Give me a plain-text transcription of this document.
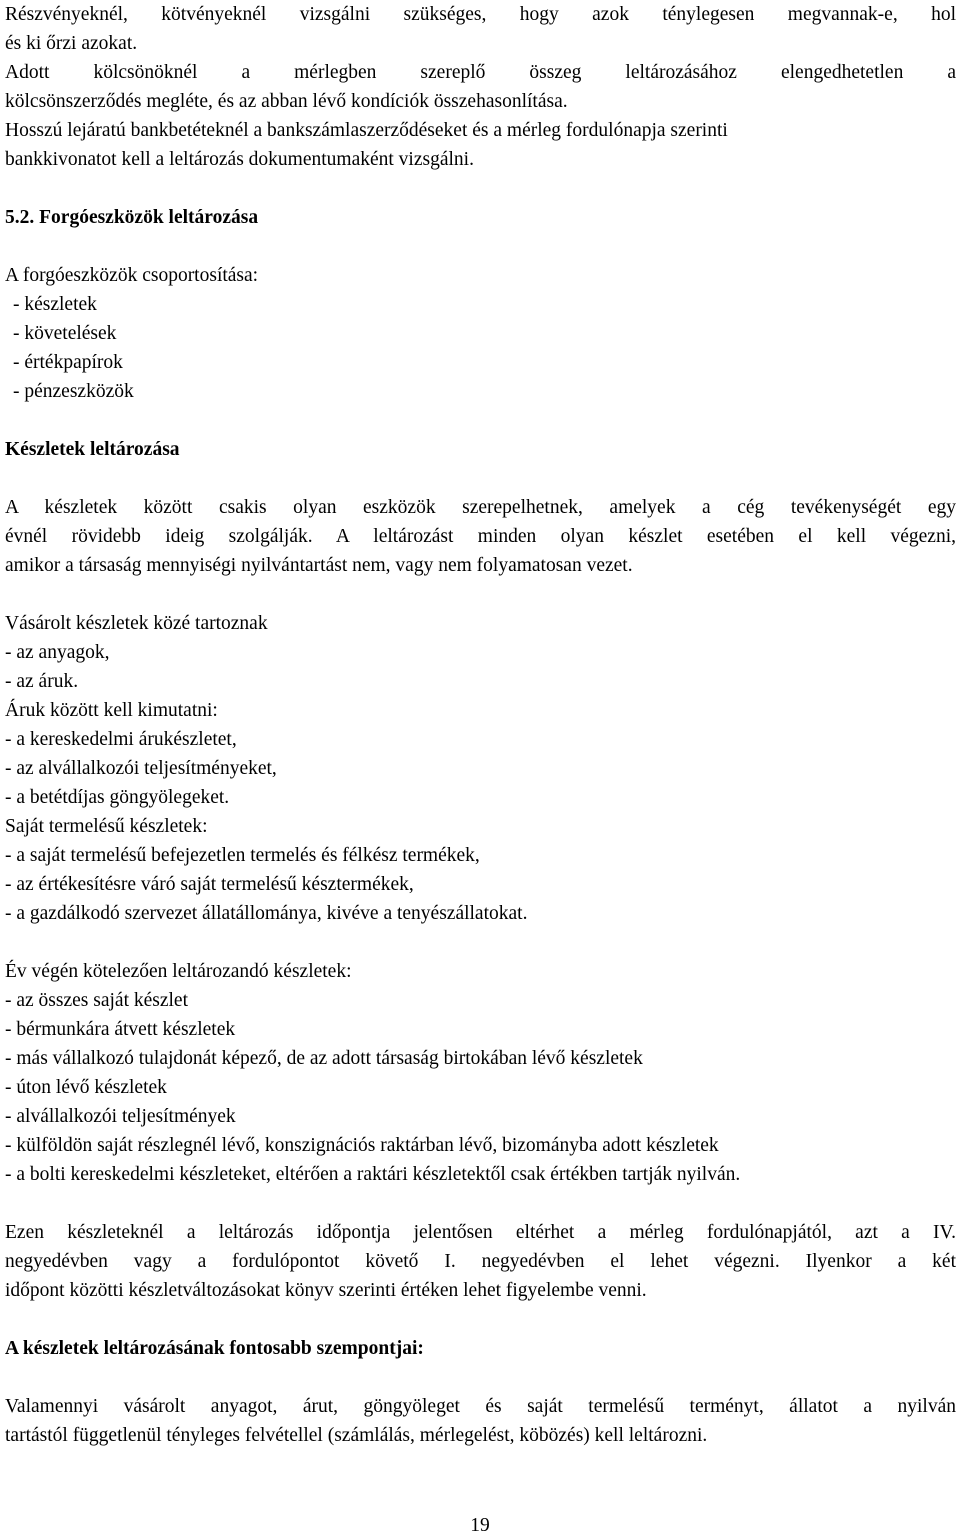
Részvényeknél, kötvényeknél vizsgálni szükséges, hogy azok ténylegesen megvannak-e, hol
és ki őrzi azokat.

Adott kölcsönöknél a mérlegben szereplő összeg leltározásához elengedhetetlen a
kölcsönszerződés megléte, és az abban lévő kondíciók összehasonlítása.

Hosszú lejáratú bankbetéteknél a bankszámlaszerződéseket és a mérleg fordulónapja szerinti
bankkivonatot kell a leltározás dokumentumaként vizsgálni.

5.2. Forgóeszközök leltározása

A forgóeszközök csoportosítása:

- készletek
- követelések
- értékpapírok
- pénzeszközök

Készletek leltározása

A készletek között csakis olyan eszközök szerepelhetnek, amelyek a cég tevékenységét egy
évnél rövidebb ideig szolgálják. A leltározást minden olyan készlet esetében el kell végezni,
amikor a társaság mennyiségi nyilvántartást nem, vagy nem folyamatosan vezet.

Vásárolt készletek közé tartoznak

- az anyagok,
- az áruk.

Áruk között kell kimutatni:

- a kereskedelmi árukészletet,
- az alvállalkozói teljesítményeket,
- a betétdíjas göngyölegeket.

Saját termelésű készletek:

- a saját termelésű befejezetlen termelés és félkész termékek,
- az értékesítésre váró saját termelésű késztermékek,
- a gazdálkodó szervezet állatállománya, kivéve a tenyészállatokat.

Év végén kötelezően leltározandó készletek:

- az összes saját készlet
- bérmunkára átvett készletek
- más vállalkozó tulajdonát képező, de az adott társaság birtokában lévő készletek
- úton lévő készletek
- alvállalkozói teljesítmények
- külföldön saját részlegnél lévő, konszignációs raktárban lévő, bizományba adott készletek
- a bolti kereskedelmi készleteket, eltérően a raktári készletektől csak értékben tartják nyilván.

Ezen készleteknél a leltározás időpontja jelentősen eltérhet a mérleg fordulónapjától, azt a IV.
negyedévben vagy a fordulópontot követő I. negyedévben el lehet végezni. Ilyenkor a két
időpont közötti készletváltozásokat könyv szerinti értéken lehet figyelembe venni.

A készletek leltározásának fontosabb szempontjai:

Valamennyi vásárolt anyagot, árut, göngyöleget és saját termelésű terményt, állatot a nyilván
tartástól függetlenül tényleges felvétellel (számlálás, mérlegelést, köbözés) kell leltározni.

19
